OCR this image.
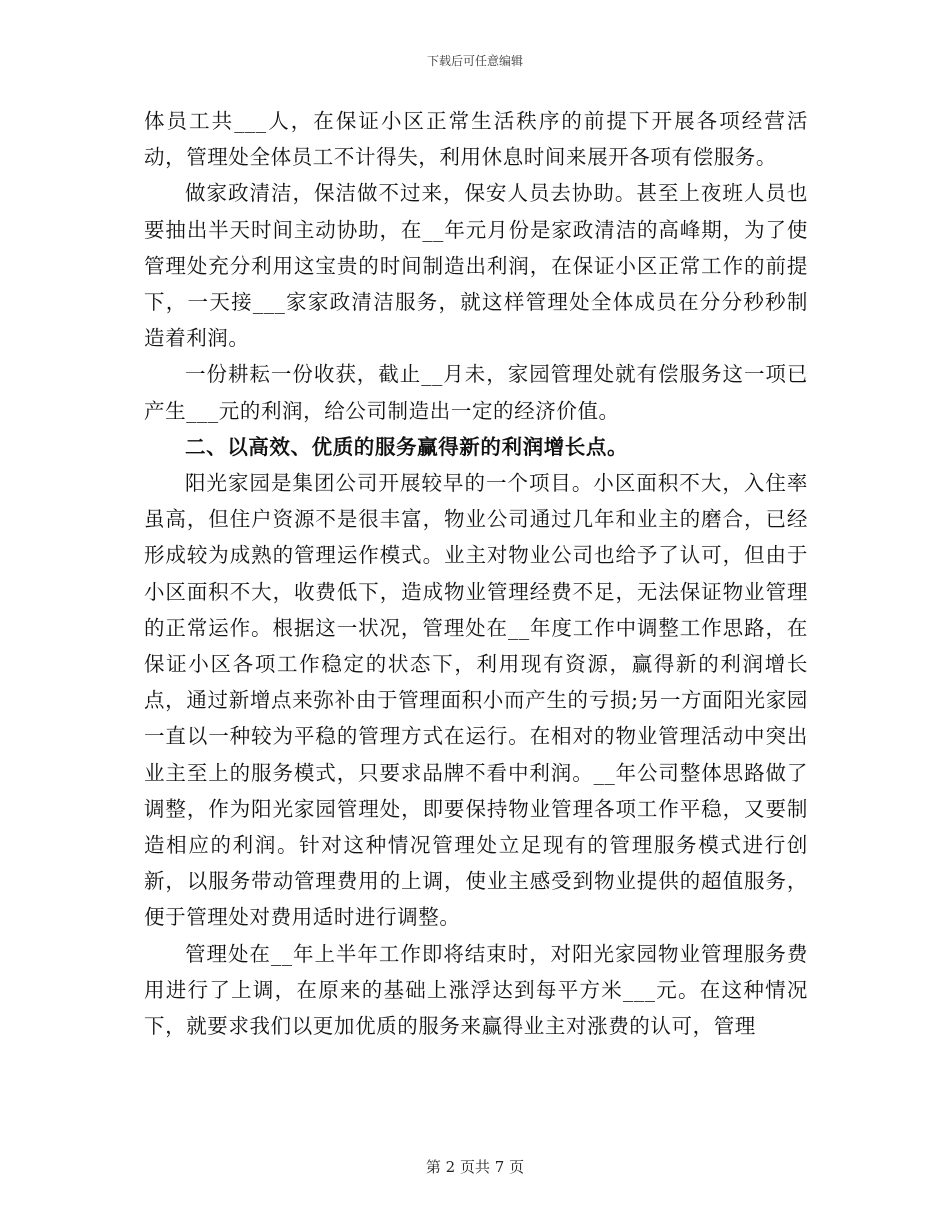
下载后可任意编辑

体员工共___人，在保证小区正常生活秩序的前提下开展各项经营活动，管理处全体员工不计得失，利用休息时间来展开各项有偿服务。

做家政清洁，保洁做不过来，保安人员去协助。甚至上夜班人员也要抽出半天时间主动协助，在__年元月份是家政清洁的高峰期，为了使管理处充分利用这宝贵的时间制造出利润，在保证小区正常工作的前提下，一天接___家家政清洁服务，就这样管理处全体成员在分分秒秒制造着利润。

一份耕耘一份收获，截止__月未，家园管理处就有偿服务这一项已产生___元的利润，给公司制造出一定的经济价值。

二、以高效、优质的服务赢得新的利润增长点。

阳光家园是集团公司开展较早的一个项目。小区面积不大，入住率虽高，但住户资源不是很丰富，物业公司通过几年和业主的磨合，已经形成较为成熟的管理运作模式。业主对物业公司也给予了认可，但由于小区面积不大，收费低下，造成物业管理经费不足，无法保证物业管理的正常运作。根据这一状况，管理处在__年度工作中调整工作思路，在保证小区各项工作稳定的状态下，利用现有资源，赢得新的利润增长点，通过新增点来弥补由于管理面积小而产生的亏损;另一方面阳光家园一直以一种较为平稳的管理方式在运行。在相对的物业管理活动中突出业主至上的服务模式，只要求品牌不看中利润。__年公司整体思路做了调整，作为阳光家园管理处，即要保持物业管理各项工作平稳，又要制造相应的利润。针对这种情况管理处立足现有的管理服务模式进行创新，以服务带动管理费用的上调，使业主感受到物业提供的超值服务，便于管理处对费用适时进行调整。

管理处在__年上半年工作即将结束时，对阳光家园物业管理服务费用进行了上调，在原来的基础上涨浮达到每平方米___元。在这种情况下，就要求我们以更加优质的服务来赢得业主对涨费的认可，管理

第 2 页共 7 页
